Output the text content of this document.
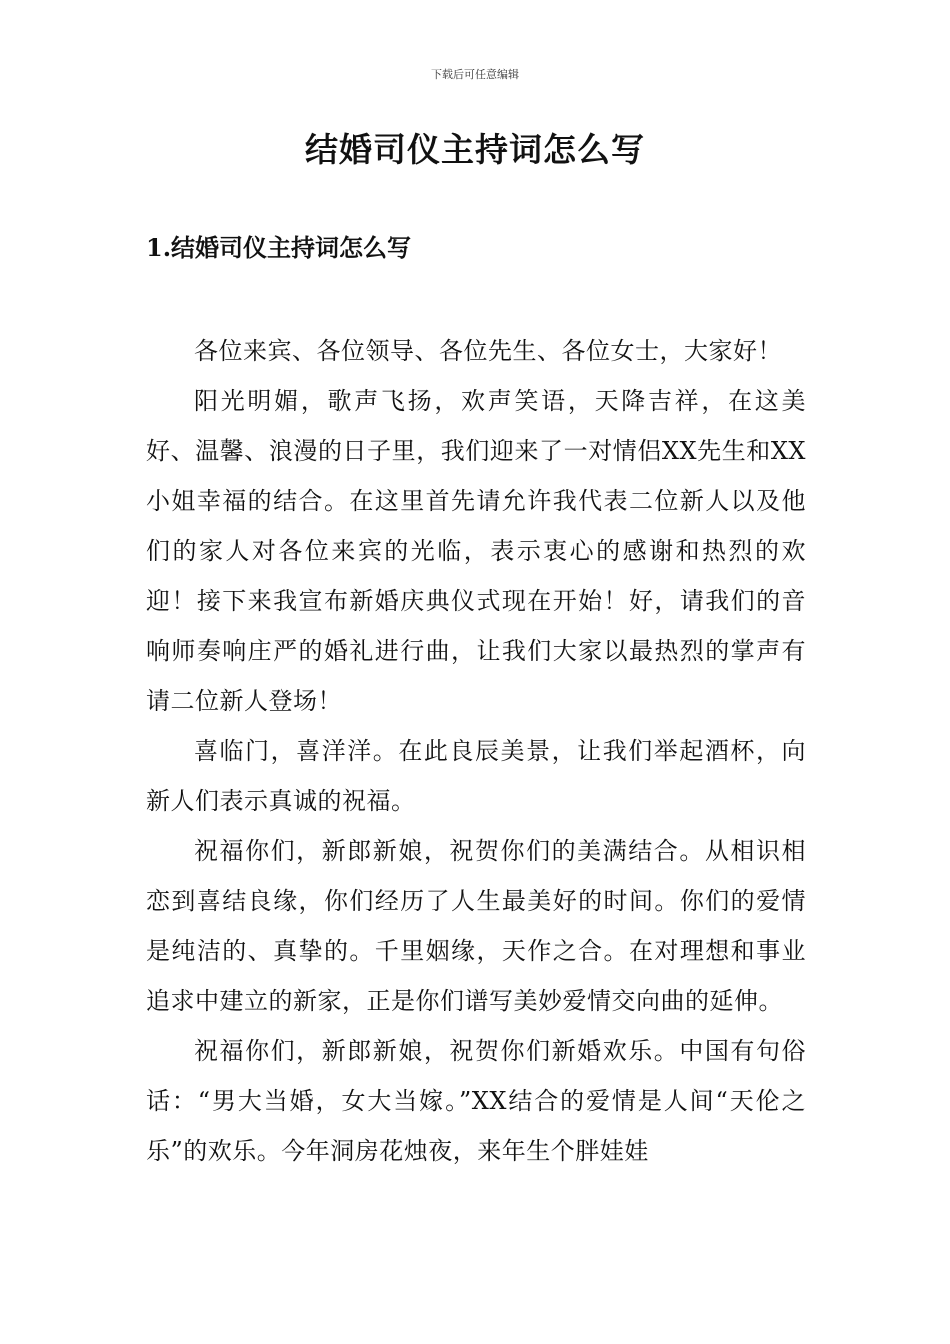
下载后可任意编辑
结婚司仪主持词怎么写
1.结婚司仪主持词怎么写

各位来宾、各位领导、各位先生、各位女士，大家好！

阳光明媚，歌声飞扬，欢声笑语，天降吉祥，在这美好、温馨、浪漫的日子里，我们迎来了一对情侣XX先生和XX小姐幸福的结合。在这里首先请允许我代表二位新人以及他们的家人对各位来宾的光临，表示衷心的感谢和热烈的欢迎！接下来我宣布新婚庆典仪式现在开始！好，请我们的音响师奏响庄严的婚礼进行曲，让我们大家以最热烈的掌声有请二位新人登场！

喜临门，喜洋洋。在此良辰美景，让我们举起酒杯，向新人们表示真诚的祝福。

祝福你们，新郎新娘，祝贺你们的美满结合。从相识相恋到喜结良缘，你们经历了人生最美好的时间。你们的爱情是纯洁的、真挚的。千里姻缘，天作之合。在对理想和事业追求中建立的新家，正是你们谱写美妙爱情交向曲的延伸。

祝福你们，新郎新娘，祝贺你们新婚欢乐。中国有句俗话：“男大当婚，女大当嫁。”XX结合的爱情是人间“天伦之乐”的欢乐。今年洞房花烛夜，来年生个胖娃娃
